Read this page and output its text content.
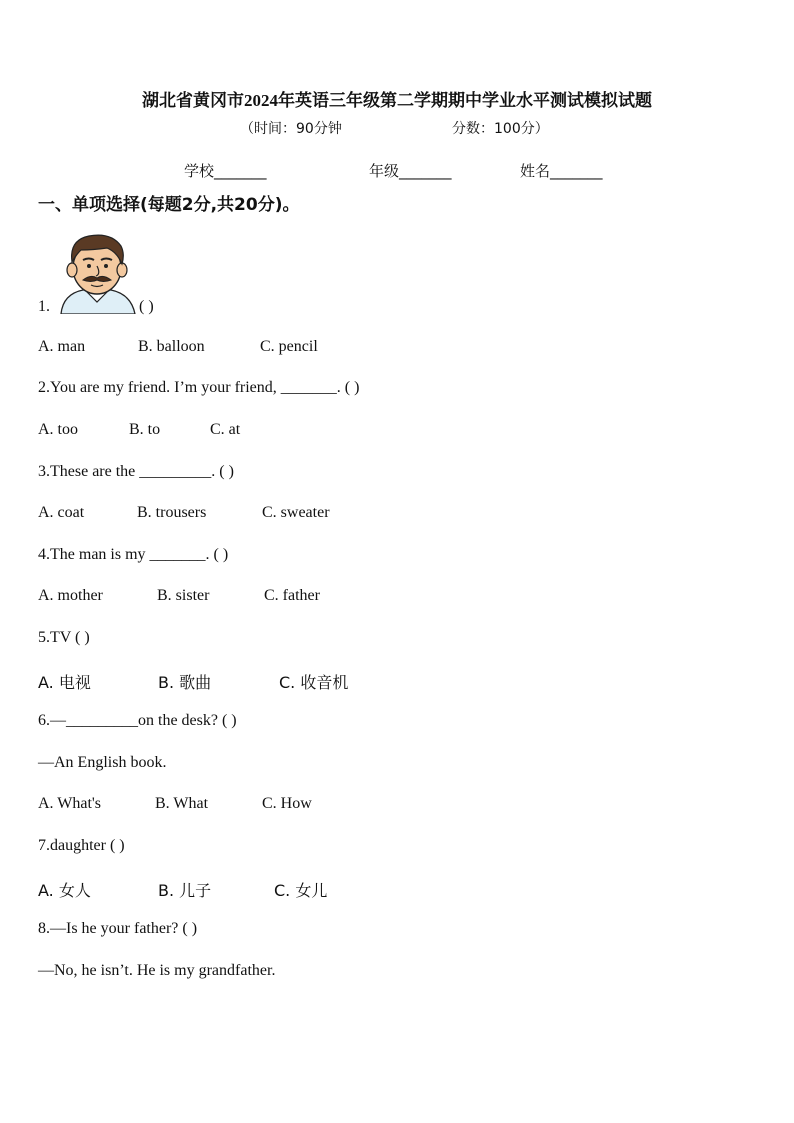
湖北省黄冈市2024年英语三年级第二学期期中学业水平测试模拟试题
（时间：90分钟	分数：100分）
学校_______	年级_______	姓名_______
一、单项选择(每题2分,共20分)。
1.	( )
A. man	B. balloon	C. pencil
2.You are my friend. I’m your friend, _______. ( )
A. too	B. to	C. at
3.These are the _________. ( )
A. coat	B. trousers	C. sweater
4.The man is my _______. ( )
A. mother	B. sister	C. father
5.TV ( )
A. 电视	B. 歌曲	C. 收音机
6.—_________on the desk? ( )
—An English book.
A. What's	B. What	C. How
7.daughter ( )
A. 女人	B. 儿子	C. 女儿
8.—Is he your father? ( )
—No, he isn’t. He is my grandfather.
